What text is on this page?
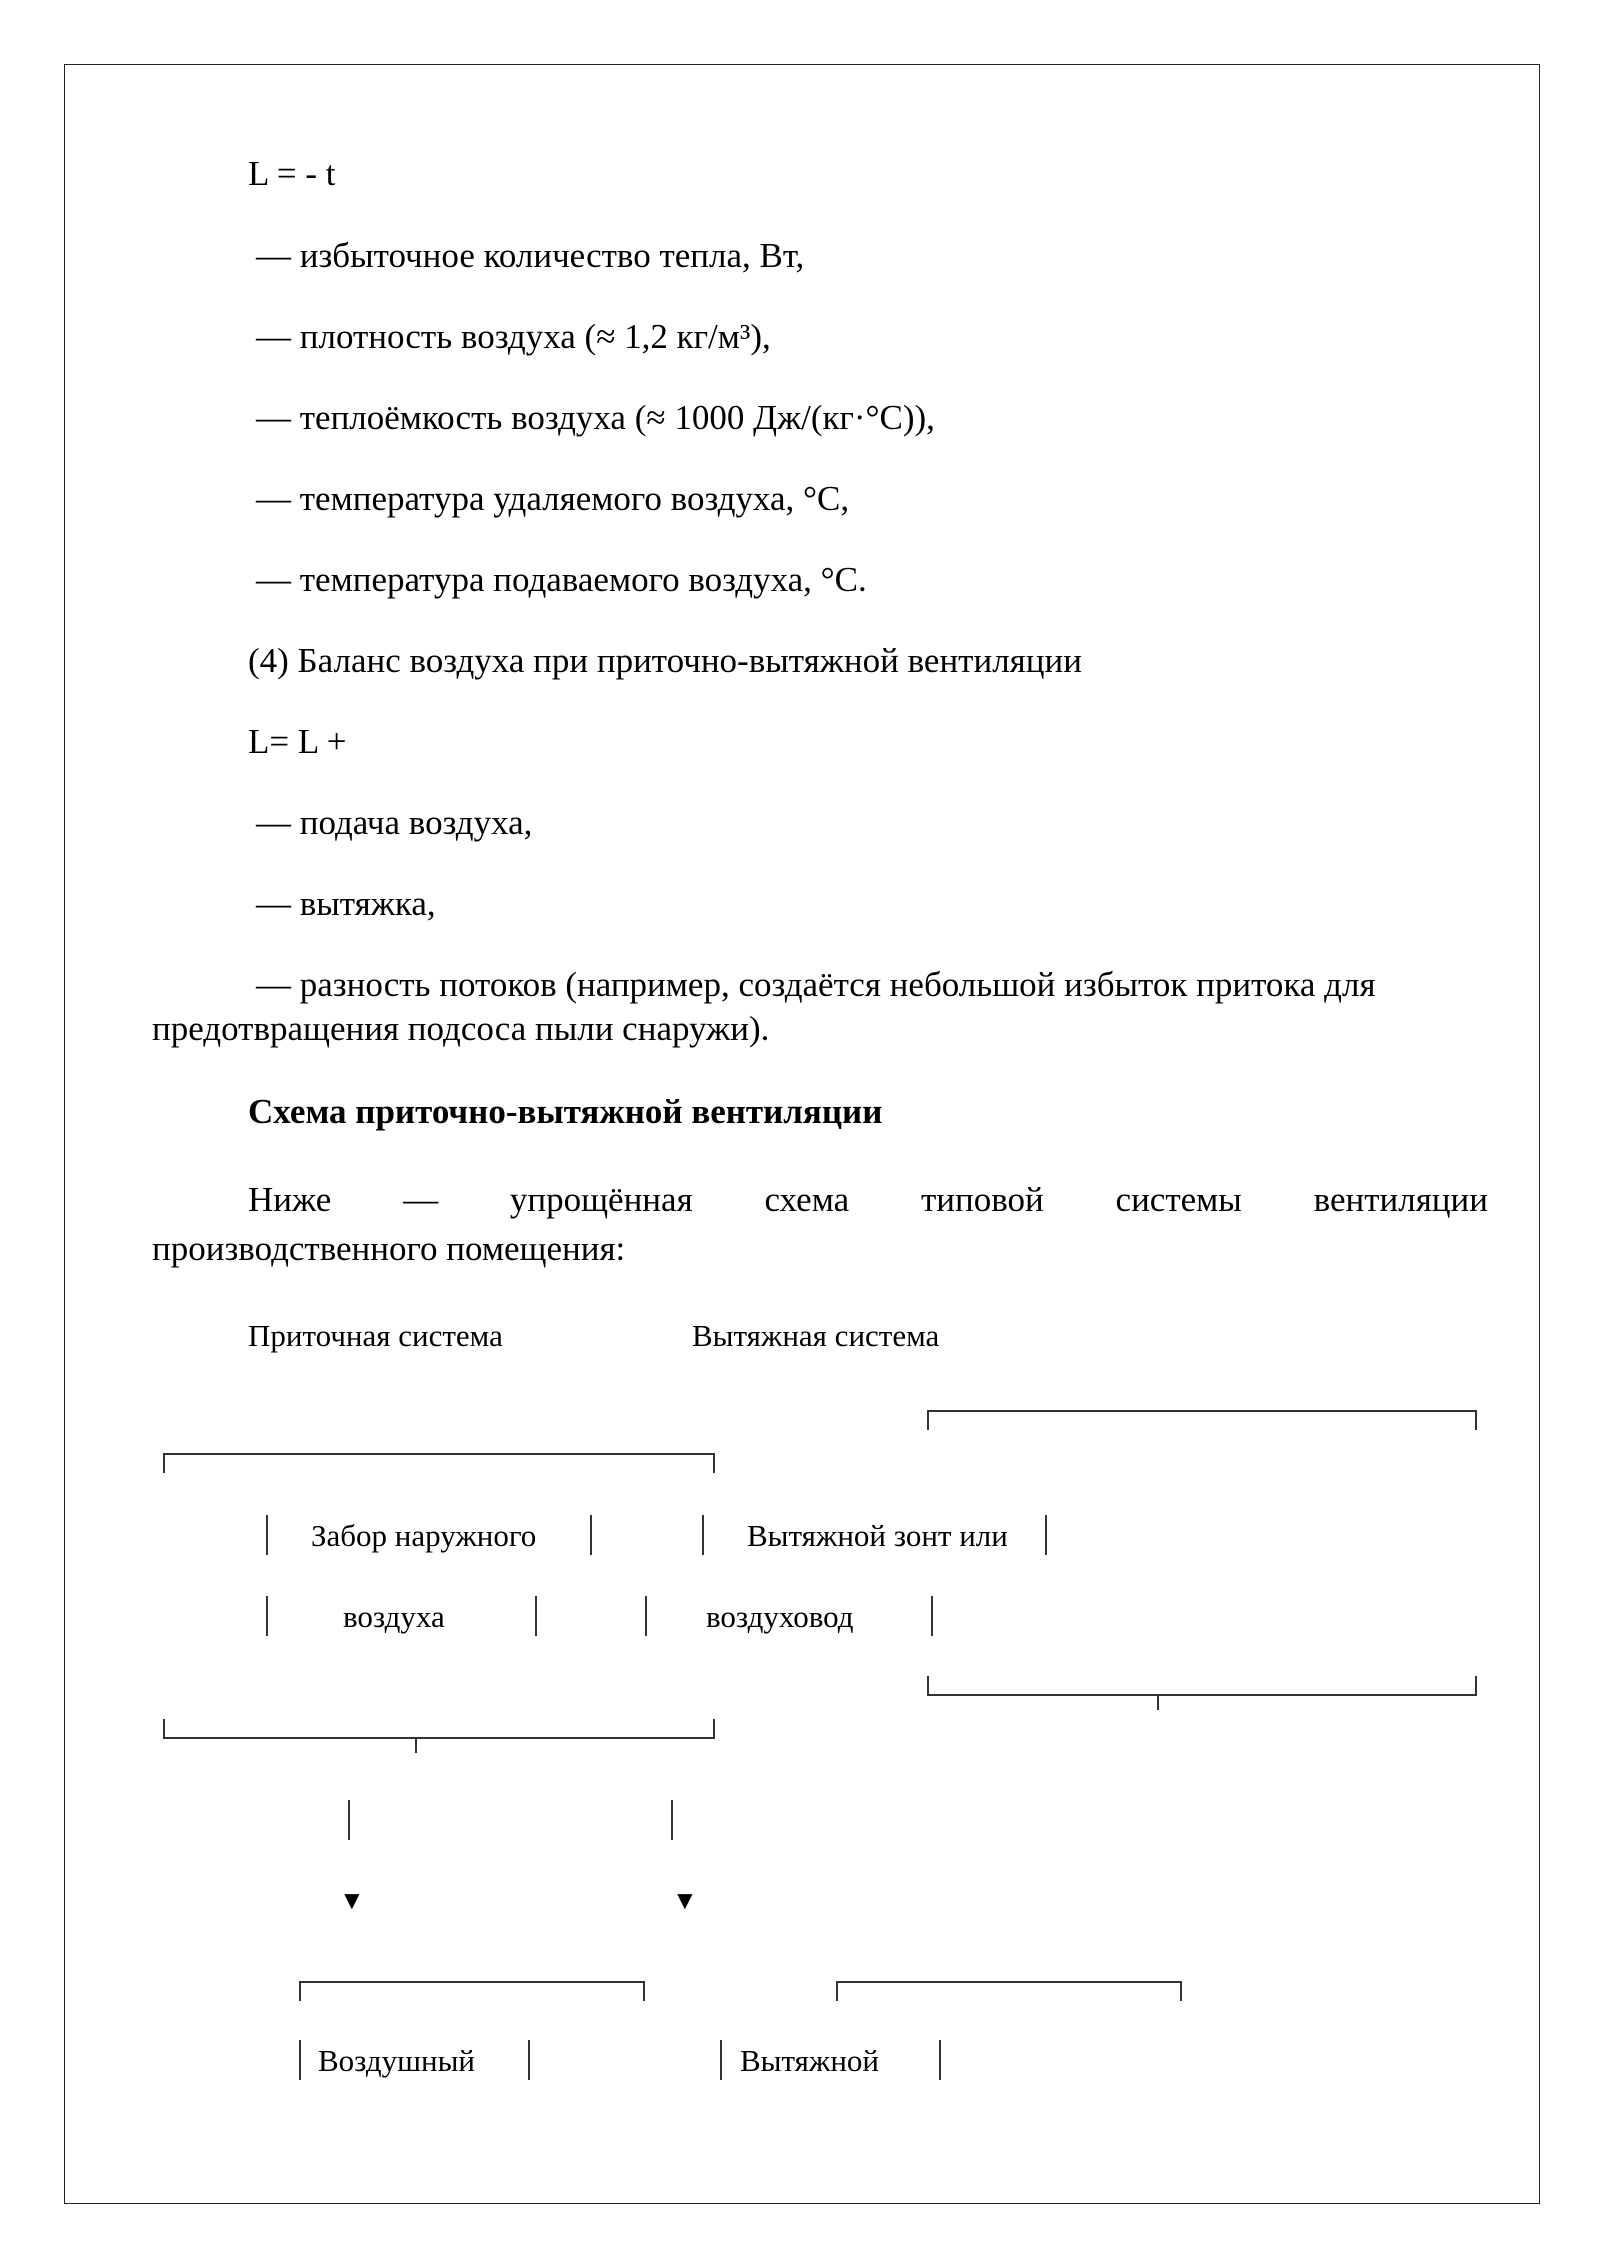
L = - t
— избыточное количество тепла, Вт,
— плотность воздуха (≈ 1,2 кг/м³),
— теплоёмкость воздуха (≈ 1000 Дж/(кг·°С)),
— температура удаляемого воздуха, °С,
— температура подаваемого воздуха, °С.
(4) Баланс воздуха при приточно-вытяжной вентиляции
L= L +
— подача воздуха,
— вытяжка,
— разность потоков (например, создаётся небольшой избыток притока для
предотвращения подсоса пыли снаружи).
Схема приточно-вытяжной вентиляции
Ниже — упрощённая схема типовой системы вентиляции
производственного помещения:
Приточная система	Вытяжная система
Забор наружного	Вытяжной зонт или
воздуха	воздуховод
▼	▼
Воздушный	Вытяжной
